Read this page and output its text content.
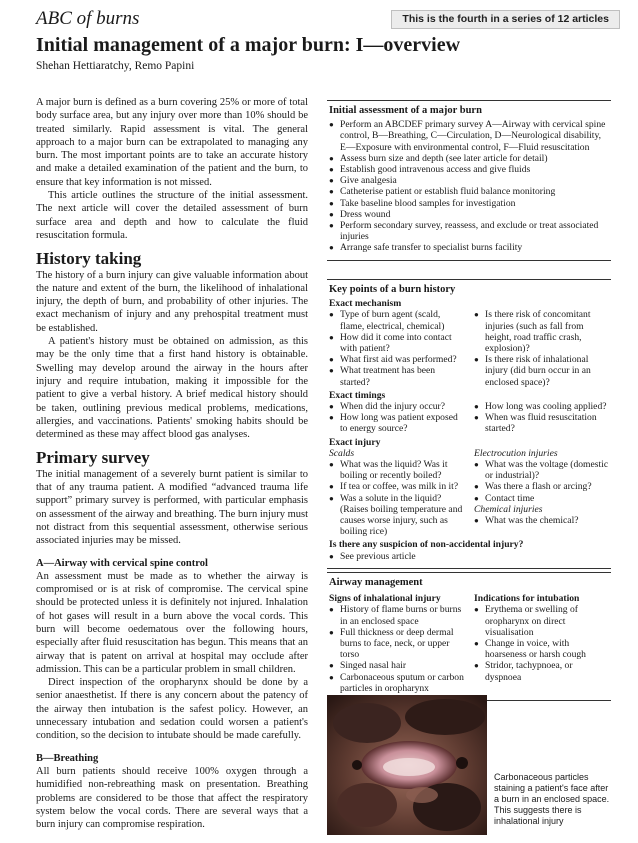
ABC of burns	This is the fourth in a series of 12 articles
Initial management of a major burn: I—overview
Shehan Hettiaratchy, Remo Papini

A major burn is defined as a burn covering 25% or more of total body surface area, but any injury over more than 10% should be treated similarly. Rapid assessment is vital. The general approach to a major burn can be extrapolated to managing any burn. The most important points are to take an accurate history and make a detailed examination of the patient and the burn, to ensure that key information is not missed.

This article outlines the structure of the initial assessment. The next article will cover the detailed assessment of burn surface area and depth and how to calculate the fluid resuscitation formula.

History taking

The history of a burn injury can give valuable information about the nature and extent of the burn, the likelihood of inhalational injury, the depth of burn, and probability of other injuries. The exact mechanism of injury and any prehospital treatment must be established.

A patient's history must be obtained on admission, as this may be the only time that a first hand history is obtainable. Swelling may develop around the airway in the hours after injury and require intubation, making it impossible for the patient to give a verbal history. A brief medical history should be taken, outlining previous medical problems, medications, allergies, and vaccinations. Patients' smoking habits should be determined as these may affect blood gas analyses.

Primary survey

The initial management of a severely burnt patient is similar to that of any trauma patient. A modified “advanced trauma life support” primary survey is performed, with particular emphasis on assessment of the airway and breathing. The burn injury must not distract from this sequential assessment, otherwise serious associated injuries may be missed.

A—Airway with cervical spine control

An assessment must be made as to whether the airway is compromised or is at risk of compromise. The cervical spine should be protected unless it is definitely not injured. Inhalation of hot gases will result in a burn above the vocal cords. This burn will become oedematous over the following hours, especially after fluid resuscitation has begun. This means that an airway that is patent on arrival at hospital may occlude after admission. This can be a particular problem in small children.

Direct inspection of the oropharynx should be done by a senior anaesthetist. If there is any concern about the patency of the airway then intubation is the safest policy. However, an unnecessary intubation and sedation could worsen a patient's condition, so the decision to intubate should be made carefully.

B—Breathing

All burn patients should receive 100% oxygen through a humidified non-rebreathing mask on presentation. Breathing problems are considered to be those that affect the respiratory system below the vocal cords. There are several ways that a burn injury can compromise respiration.

Initial assessment of a major burn
● Perform an ABCDEF primary survey A—Airway with cervical spine control, B—Breathing, C—Circulation, D—Neurological disability, E—Exposure with environmental control, F—Fluid resuscitation
● Assess burn size and depth (see later article for detail)
● Establish good intravenous access and give fluids
● Give analgesia
● Catheterise patient or establish fluid balance monitoring
● Take baseline blood samples for investigation
● Dress wound
● Perform secondary survey, reassess, and exclude or treat associated injuries
● Arrange safe transfer to specialist burns facility
Key points of a burn history
Exact mechanism
● Type of burn agent (scald, flame, electrical, chemical)
● How did it come into contact with patient?
● What first aid was performed?
● What treatment has been started?
● Is there risk of concomitant injuries (such as fall from height, road traffic crash, explosion)?
● Is there risk of inhalational injury (did burn occur in an enclosed space)?
Exact timings
● When did the injury occur?
● How long was patient exposed to energy source?
● How long was cooling applied?
● When was fluid resuscitation started?
Exact injury
Scalds
● What was the liquid? Was it boiling or recently boiled?
● If tea or coffee, was milk in it?
● Was a solute in the liquid? (Raises boiling temperature and causes worse injury, such as boiling rice)
Electrocution injuries
● What was the voltage (domestic or industrial)?
● Was there a flash or arcing?
● Contact time
Chemical injuries
● What was the chemical?
Is there any suspicion of non-accidental injury?
● See previous article
Airway management
Signs of inhalational injury
● History of flame burns or burns in an enclosed space
● Full thickness or deep dermal burns to face, neck, or upper torso
● Singed nasal hair
● Carbonaceous sputum or carbon particles in oropharynx
Indications for intubation
● Erythema or swelling of oropharynx on direct visualisation
● Change in voice, with hoarseness or harsh cough
● Stridor, tachypnoea, or dyspnoea
Carbonaceous particles staining a patient's face after a burn in an enclosed space. This suggests there is inhalational injury
